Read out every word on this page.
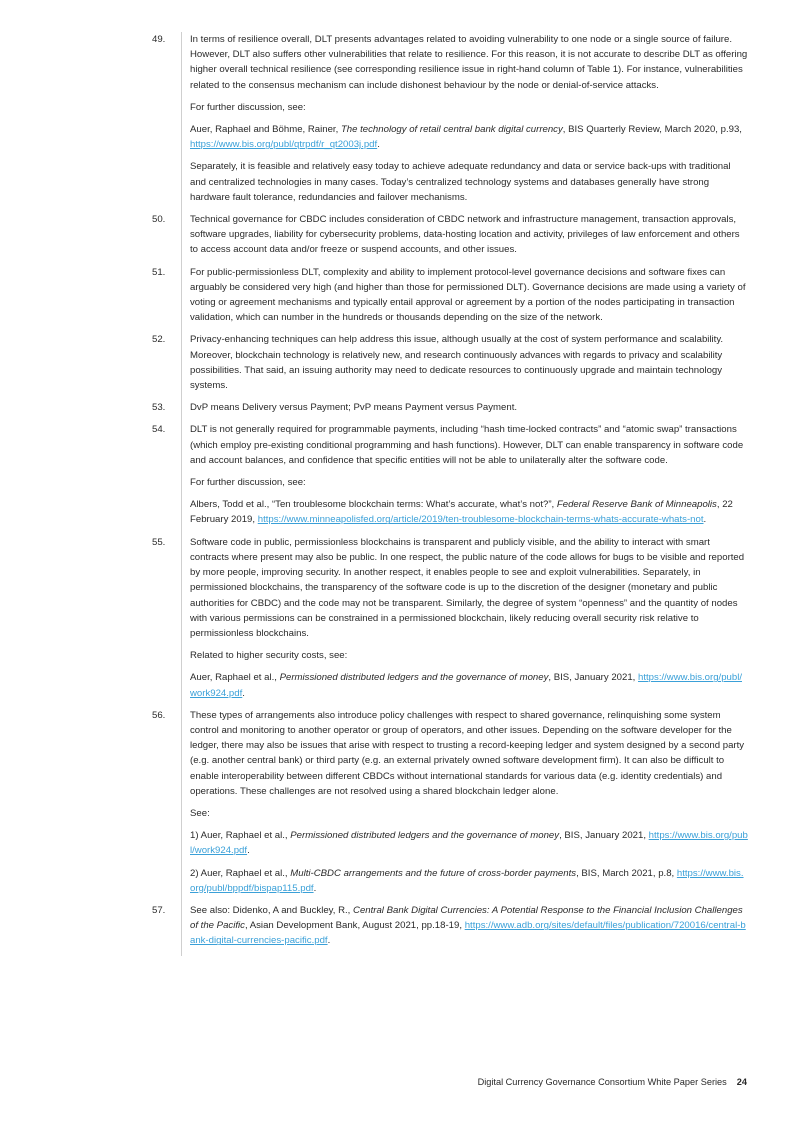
49.	In terms of resilience overall, DLT presents advantages related to avoiding vulnerability to one node or a single source of failure. However, DLT also suffers other vulnerabilities that relate to resilience. For this reason, it is not accurate to describe DLT as offering higher overall technical resilience (see corresponding resilience issue in right-hand column of Table 1). For instance, vulnerabilities related to the consensus mechanism can include dishonest behaviour by the node or denial-of-service attacks.

For further discussion, see:

Auer, Raphael and Böhme, Rainer, The technology of retail central bank digital currency, BIS Quarterly Review, March 2020, p.93, https://www.bis.org/publ/qtrpdf/r_qt2003j.pdf.

Separately, it is feasible and relatively easy today to achieve adequate redundancy and data or service back-ups with traditional and centralized technologies in many cases. Today’s centralized technology systems and databases generally have strong hardware fault tolerance, redundancies and failover mechanisms.

50.	Technical governance for CBDC includes consideration of CBDC network and infrastructure management, transaction approvals, software upgrades, liability for cybersecurity problems, data-hosting location and activity, privileges of law enforcement and others to access account data and/or freeze or suspend accounts, and other issues.

51.	For public-permissionless DLT, complexity and ability to implement protocol-level governance decisions and software fixes can arguably be considered very high (and higher than those for permissioned DLT). Governance decisions are made using a variety of voting or agreement mechanisms and typically entail approval or agreement by a portion of the nodes participating in transaction validation, which can number in the hundreds or thousands depending on the size of the network.

52.	Privacy-enhancing techniques can help address this issue, although usually at the cost of system performance and scalability. Moreover, blockchain technology is relatively new, and research continuously advances with regards to privacy and scalability possibilities. That said, an issuing authority may need to dedicate resources to continuously upgrade and maintain technology systems.

53.	DvP means Delivery versus Payment; PvP means Payment versus Payment.

54.	DLT is not generally required for programmable payments, including “hash time-locked contracts” and “atomic swap” transactions (which employ pre-existing conditional programming and hash functions). However, DLT can enable transparency in software code and account balances, and confidence that specific entities will not be able to unilaterally alter the software code.

For further discussion, see:

Albers, Todd et al., “Ten troublesome blockchain terms: What’s accurate, what’s not?”, Federal Reserve Bank of Minneapolis, 22 February 2019, https://www.minneapolisfed.org/article/2019/ten-troublesome-blockchain-terms-whats-accurate-whats-not.

55.	Software code in public, permissionless blockchains is transparent and publicly visible, and the ability to interact with smart contracts where present may also be public. In one respect, the public nature of the code allows for bugs to be visible and reported by more people, improving security. In another respect, it enables people to see and exploit vulnerabilities. Separately, in permissioned blockchains, the transparency of the software code is up to the discretion of the designer (monetary and public authorities for CBDC) and the code may not be transparent. Similarly, the degree of system “openness” and the quantity of nodes with various permissions can be constrained in a permissioned blockchain, likely reducing overall security risk relative to permissionless blockchains.

Related to higher security costs, see:

Auer, Raphael et al., Permissioned distributed ledgers and the governance of money, BIS, January 2021, https://www.bis.org/publ/work924.pdf.

56.	These types of arrangements also introduce policy challenges with respect to shared governance, relinquishing some system control and monitoring to another operator or group of operators, and other issues. Depending on the software developer for the ledger, there may also be issues that arise with respect to trusting a record-keeping ledger and system designed by a second party (e.g. another central bank) or third party (e.g. an external privately owned software development firm). It can also be difficult to enable interoperability between different CBDCs without international standards for various data (e.g. identity credentials) and operations. These challenges are not resolved using a shared blockchain ledger alone.

See:

1) Auer, Raphael et al., Permissioned distributed ledgers and the governance of money, BIS, January 2021, https://www.bis.org/publ/work924.pdf.

2) Auer, Raphael et al., Multi-CBDC arrangements and the future of cross-border payments, BIS, March 2021, p.8, https://www.bis.org/publ/bppdf/bispap115.pdf.

57.	See also: Didenko, A and Buckley, R., Central Bank Digital Currencies: A Potential Response to the Financial Inclusion Challenges of the Pacific, Asian Development Bank, August 2021, pp.18-19, https://www.adb.org/sites/default/files/publication/720016/central-bank-digital-currencies-pacific.pdf.

Digital Currency Governance Consortium White Paper Series 24
